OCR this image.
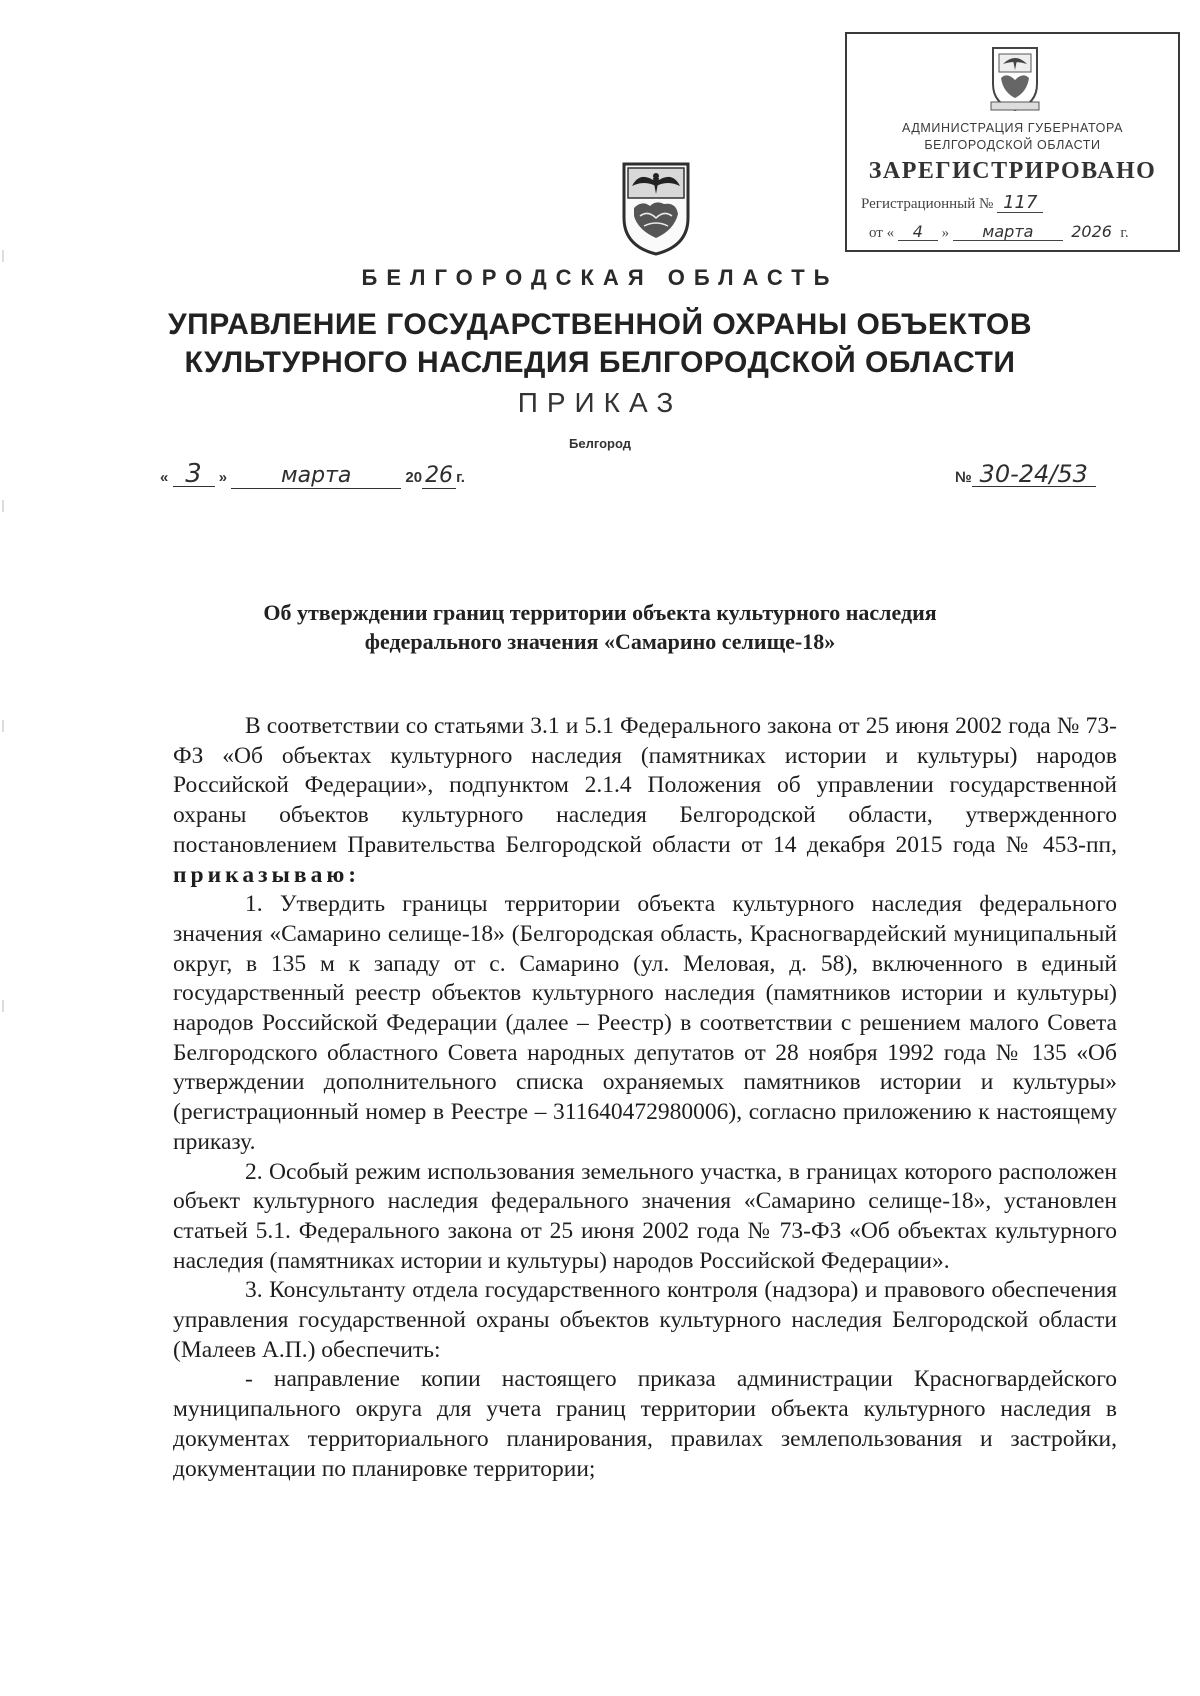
АДМИНИСТРАЦИЯ ГУБЕРНАТОРА
БЕЛГОРОДСКОЙ ОБЛАСТИ
ЗАРЕГИСТРИРОВАНО
Регистрационный № 117
от « 4 » марта 2026 г.
БЕЛГОРОДСКАЯ ОБЛАСТЬ
УПРАВЛЕНИЕ ГОСУДАРСТВЕННОЙ ОХРАНЫ ОБЪЕКТОВ
КУЛЬТУРНОГО НАСЛЕДИЯ БЕЛГОРОДСКОЙ ОБЛАСТИ
ПРИКАЗ
Белгород
« 3 » марта	20 26 г.	№ 30-24/53
Об утверждении границ территории объекта культурного наследия
федерального значения «Самарино селище-18»

В соответствии со статьями 3.1 и 5.1 Федерального закона от 25 июня 2002 года № 73-ФЗ «Об объектах культурного наследия (памятниках истории и культуры) народов Российской Федерации», подпунктом 2.1.4 Положения об управлении государственной охраны объектов культурного наследия Белгородской области, утвержденного постановлением Правительства Белгородской области от 14 декабря 2015 года № 453-пп, приказываю:

1. Утвердить границы территории объекта культурного наследия федерального значения «Самарино селище-18» (Белгородская область, Красногвардейский муниципальный округ, в 135 м к западу от с. Самарино (ул. Меловая, д. 58), включенного в единый государственный реестр объектов культурного наследия (памятников истории и культуры) народов Российской Федерации (далее – Реестр) в соответствии с решением малого Совета Белгородского областного Совета народных депутатов от 28 ноября 1992 года № 135 «Об утверждении дополнительного списка охраняемых памятников истории и культуры» (регистрационный номер в Реестре – 311640472980006), согласно приложению к настоящему приказу.

2. Особый режим использования земельного участка, в границах которого расположен объект культурного наследия федерального значения «Самарино селище-18», установлен статьей 5.1. Федерального закона от 25 июня 2002 года № 73-ФЗ «Об объектах культурного наследия (памятниках истории и культуры) народов Российской Федерации».

3. Консультанту отдела государственного контроля (надзора) и правового обеспечения управления государственной охраны объектов культурного наследия Белгородской области (Малеев А.П.) обеспечить:

- направление копии настоящего приказа администрации Красногвардейского муниципального округа для учета границ территории объекта культурного наследия в документах территориального планирования, правилах землепользования и застройки, документации по планировке территории;
